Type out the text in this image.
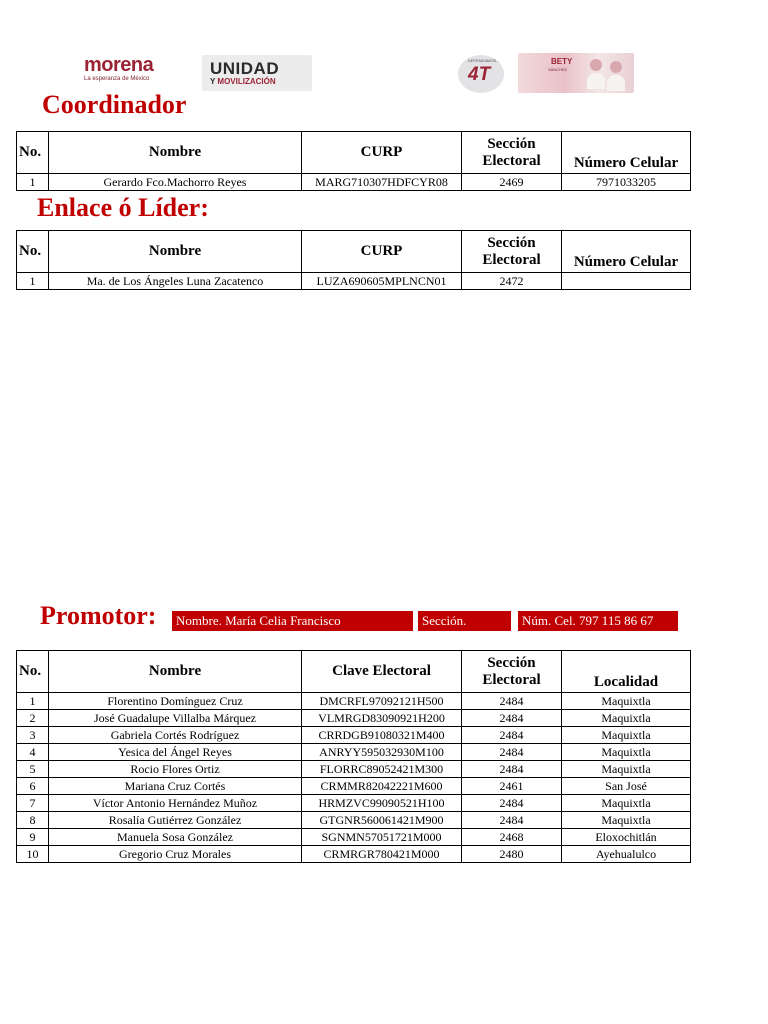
morena
La esperanza de México
UNIDAD
Y MOVILIZACIÓN
DEFENDAMOS LA
4T
BETY
SÁNCHEZ
Coordinador
No.	Nombre	CURP	Sección Electoral	Número Celular
1	Gerardo Fco.Machorro Reyes	MARG710307HDFCYR08	2469	7971033205
Enlace ó Líder:
No.	Nombre	CURP	Sección Electoral	Número Celular
1	Ma. de Los Ángeles Luna Zacatenco	LUZA690605MPLNCN01	2472	
Promotor:	Nombre. María Celia Francisco	Sección.	Núm. Cel. 797 115 86 67
No.	Nombre	Clave Electoral	Sección Electoral	Localidad
1	Florentino Domínguez Cruz	DMCRFL97092121H500	2484	Maquixtla
2	José Guadalupe Villalba Márquez	VLMRGD83090921H200	2484	Maquixtla
3	Gabriela Cortés Rodríguez	CRRDGB91080321M400	2484	Maquixtla
4	Yesica del Ángel Reyes	ANRYY595032930M100	2484	Maquixtla
5	Rocio Flores Ortiz	FLORRC89052421M300	2484	Maquixtla
6	Mariana Cruz Cortés	CRMMR82042221M600	2461	San José
7	Víctor Antonio Hernández Muñoz	HRMZVC99090521H100	2484	Maquixtla
8	Rosalía Gutiérrez González	GTGNR560061421M900	2484	Maquixtla
9	Manuela Sosa González	SGNMN57051721M000	2468	Eloxochitlán
10	Gregorio Cruz Morales	CRMRGR780421M000	2480	Ayehualulco
